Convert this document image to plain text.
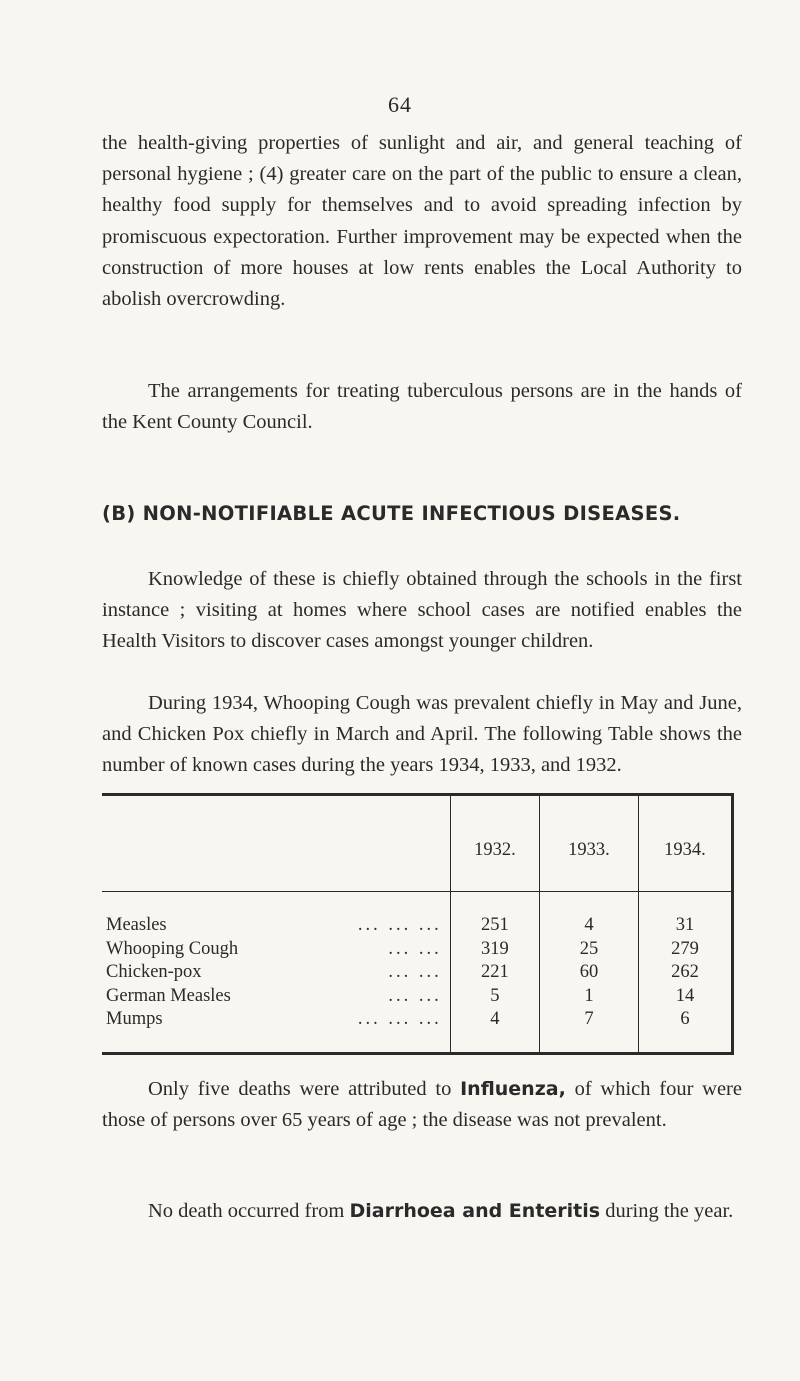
64

the health-giving properties of sunlight and air, and general teaching of personal hygiene ; (4) greater care on the part of the public to ensure a clean, healthy food supply for themselves and to avoid spreading infection by promiscuous expectoration. Further improvement may be expected when the construction of more houses at low rents enables the Local Authority to abolish overcrowding.

The arrangements for treating tuberculous persons are in the hands of the Kent County Council.

(B) NON-NOTIFIABLE ACUTE INFECTIOUS DISEASES.

Knowledge of these is chiefly obtained through the schools in the first instance ; visiting at homes where school cases are notified enables the Health Visitors to discover cases amongst younger children.

During 1934, Whooping Cough was prevalent chiefly in May and June, and Chicken Pox chiefly in March and April. The following Table shows the number of known cases during the years 1934, 1933, and 1932.

	1932.	1933.	1934.

Measles ... ... ...	251	4	31

Whooping Cough ... ...	319	25	279

Chicken-pox ... ...	221	60	262

German Measles ... ...	5	1	14

Mumps ... ... ...	4	7	6

Only five deaths were attributed to Influenza, of which four were those of persons over 65 years of age ; the disease was not prevalent.

No death occurred from Diarrhoea and Enteritis during the year.
